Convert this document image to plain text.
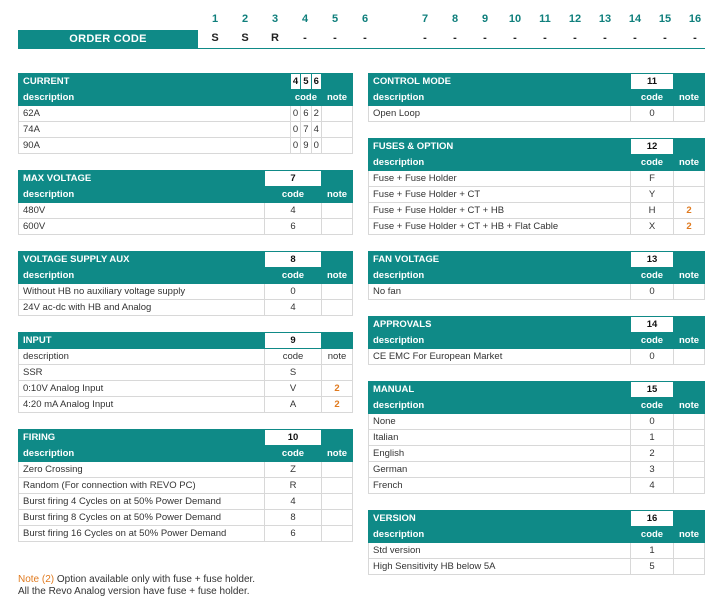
1	2	3	4	5	6	7	8	9	10	11	12	13	14	15	16
ORDER CODE	S	S	R	-	-	-	-	-	-	-	-	-	-	-	-	-
CURRENT	4	5	6	
description	code			note
62A	0	6	2	
74A	0	7	4	
90A	0	9	0	
MAX VOLTAGE	7	
description	code	note
480V	4	
600V	6	
VOLTAGE SUPPLY AUX	8	
description	code	note
Without HB no auxiliary voltage supply	0	
24V ac-dc with HB and Analog	4	
INPUT	9	
description	code	note
SSR	S	
0:10V Analog Input	V	2
4:20 mA Analog Input	A	2
FIRING	10	
description	code	note
Zero Crossing	Z	
Random (For connection with REVO PC)	R	
Burst firing 4 Cycles on at 50% Power Demand	4	
Burst firing 8 Cycles on at 50% Power Demand	8	
Burst firing 16 Cycles on at 50% Power Demand	6	
CONTROL MODE	11	
description	code	note
Open Loop	0	
FUSES & OPTION	12	
description	code	note
Fuse + Fuse Holder	F	
Fuse + Fuse Holder + CT	Y	
Fuse + Fuse Holder + CT + HB	H	2
Fuse + Fuse Holder + CT + HB + Flat Cable	X	2
FAN VOLTAGE	13	
description	code	note
No fan	0	
APPROVALS	14	
description	code	note
CE EMC For European Market	0	
MANUAL	15	
description	code	note
None	0	
Italian	1	
English	2	
German	3	
French	4	
VERSION	16	
description	code	note
Std version	1	
High Sensitivity HB below 5A	5	
Note (2) Option available only with fuse + fuse holder.
All the Revo Analog version have fuse + fuse holder.
